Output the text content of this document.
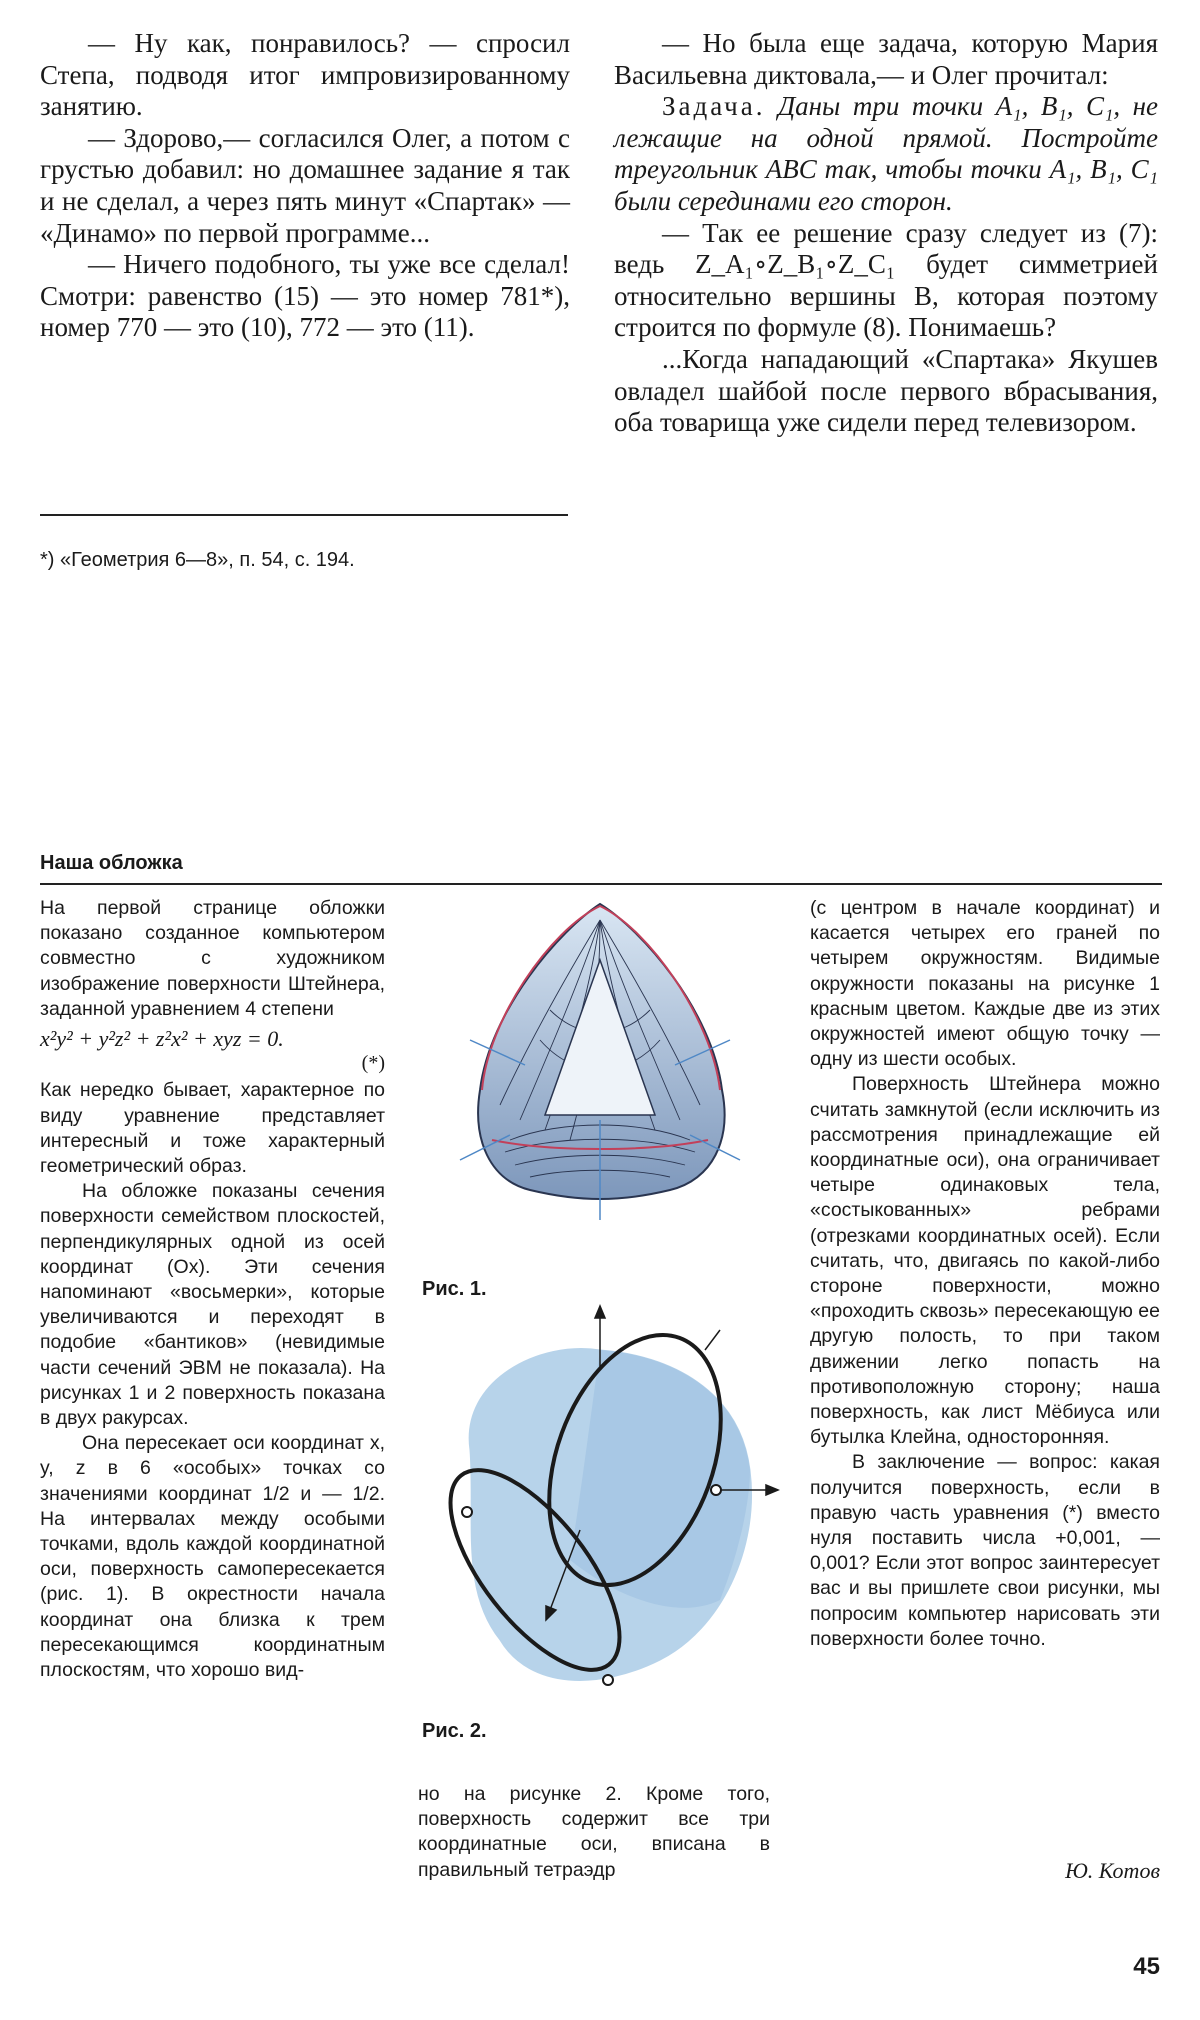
— Ну как, понравилось? — спросил Степа, подводя итог импровизированному занятию.

— Здорово,— согласился Олег, а потом с грустью добавил: но домашнее задание я так и не сделал, а через пять минут «Спартак» — «Динамо» по первой программе...

— Ничего подобного, ты уже все сделал! Смотри: равенство (15) — это номер 781*), номер 770 — это (10), 772 — это (11).

— Но была еще задача, которую Мария Васильевна диктовала,— и Олег прочитал:

Задача. Даны три точки A₁, B₁, C₁, не лежащие на одной прямой. Постройте треугольник ABC так, чтобы точки A₁, B₁, C₁ были серединами его сторон.

— Так ее решение сразу следует из (7): ведь Z_A₁∘Z_B₁∘Z_C₁ будет симметрией относительно вершины B, которая поэтому строится по формуле (8). Понимаешь?

...Когда нападающий «Спартака» Якушев овладел шайбой после первого вбрасывания, оба товарища уже сидели перед телевизором.

*) «Геометрия 6—8», п. 54, с. 194.
Наша обложка

На первой странице обложки показано созданное компьютером совместно с художником изображение поверхности Штейнера, заданной уравнением 4 степени

x²y² + y²z² + z²x² + xyz = 0.
(*)

Как нередко бывает, характерное по виду уравнение представляет интересный и тоже характерный геометрический образ.

На обложке показаны сечения поверхности семейством плоскостей, перпендикулярных одной из осей координат (Ox). Эти сечения напоминают «восьмерки», которые увеличиваются и переходят в подобие «бантиков» (невидимые части сечений ЭВМ не показала). На рисунках 1 и 2 поверхность показана в двух ракурсах.

Она пересекает оси координат x, y, z в 6 «особых» точках со значениями координат 1/2 и — 1/2. На интервалах между особыми точками, вдоль каждой координатной оси, поверхность самопересекается (рис. 1). В окрестности начала координат она близка к трем пересекающимся координатным плоскостям, что хорошо вид-

Рис. 1.
Рис. 2.

но на рисунке 2. Кроме того, поверхность содержит все три координатные оси, вписана в правильный тетраэдр

(с центром в начале координат) и касается четырех его граней по четырем окружностям. Видимые окружности показаны на рисунке 1 красным цветом. Каждые две из этих окружностей имеют общую точку — одну из шести особых.

Поверхность Штейнера можно считать замкнутой (если исключить из рассмотрения принадлежащие ей координатные оси), она ограничивает четыре одинаковых тела, «состыкованных» ребрами (отрезками координатных осей). Если считать, что, двигаясь по какой-либо стороне поверхности, можно «проходить сквозь» пересекающую ее другую полость, то при таком движении легко попасть на противоположную сторону; наша поверхность, как лист Мёбиуса или бутылка Клейна, односторонняя.

В заключение — вопрос: какая получится поверхность, если в правую часть уравнения (*) вместо нуля поставить числа +0,001, —0,001? Если этот вопрос заинтересует вас и вы пришлете свои рисунки, мы попросим компьютер нарисовать эти поверхности более точно.

Ю. Котов
45
